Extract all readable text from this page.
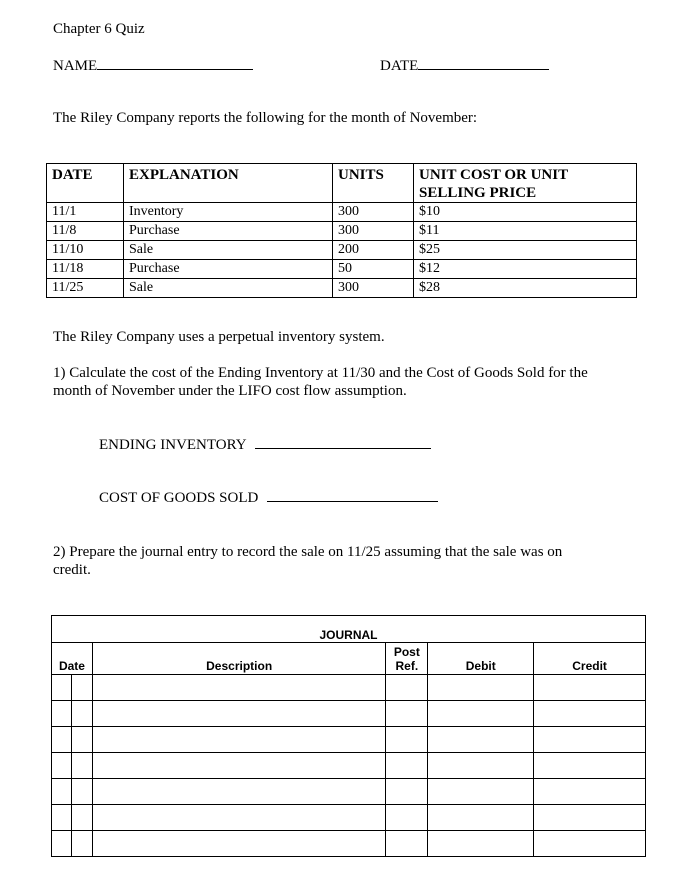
Chapter 6 Quiz
NAME	DATE
The Riley Company reports the following for the month of November:
DATE	EXPLANATION	UNITS	UNIT COST OR UNIT
SELLING PRICE

11/1	Inventory	300	$10
11/8	Purchase	300	$11
11/10	Sale	200	$25
11/18	Purchase	50	$12
11/25	Sale	300	$28
The Riley Company uses a perpetual inventory system.
1) Calculate the cost of the Ending Inventory at 11/30 and the Cost of Goods Sold for the
month of November under the LIFO cost flow assumption.
ENDING INVENTORY
COST OF GOODS SOLD
2) Prepare the journal entry to record the sale on 11/25 assuming that the sale was on
credit.
JOURNAL					
Date		Description	Post
Ref.	Debit	Credit
